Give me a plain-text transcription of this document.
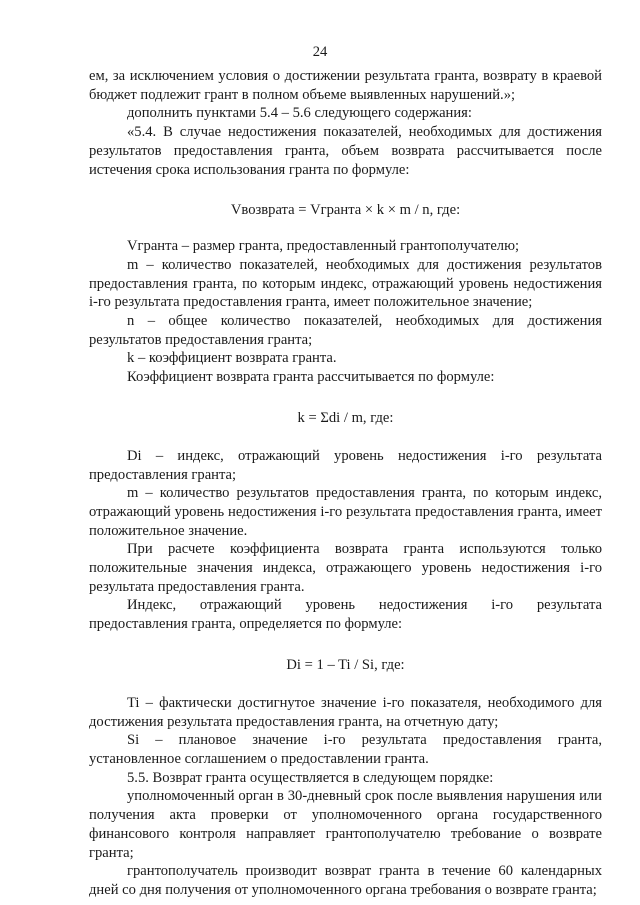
24

ем, за исключением условия о достижении результата гранта, возврату в краевой бюджет подлежит грант в полном объеме выявленных нарушений.»;

дополнить пунктами 5.4 – 5.6 следующего содержания:

«5.4. В случае недостижения показателей, необходимых для достижения результатов предоставления гранта, объем возврата рассчитывается после истечения срока использования гранта по формуле:

Vвозврата = Vгранта × k × m / n, где:

Vгранта – размер гранта, предоставленный грантополучателю;

m – количество показателей, необходимых для достижения результатов предоставления гранта, по которым индекс, отражающий уровень недостижения i-го результата предоставления гранта, имеет положительное значение;

n – общее количество показателей, необходимых для достижения результатов предоставления гранта;

k – коэффициент возврата гранта.

Коэффициент возврата гранта рассчитывается по формуле:

k = Σdi / m, где:

Di – индекс, отражающий уровень недостижения i-го результата предоставления гранта;

m – количество результатов предоставления гранта, по которым индекс, отражающий уровень недостижения i-го результата предоставления гранта, имеет положительное значение.

При расчете коэффициента возврата гранта используются только положительные значения индекса, отражающего уровень недостижения i-го результата предоставления гранта.

Индекс, отражающий уровень недостижения i-го результата предоставления гранта, определяется по формуле:

Di = 1 – Ti / Si, где:

Ti – фактически достигнутое значение i-го показателя, необходимого для достижения результата предоставления гранта, на отчетную дату;

Si – плановое значение i-го результата предоставления гранта, установленное соглашением о предоставлении гранта.

5.5. Возврат гранта осуществляется в следующем порядке:

уполномоченный орган в 30-дневный срок после выявления нарушения или получения акта проверки от уполномоченного органа государственного финансового контроля направляет грантополучателю требование о возврате гранта;

грантополучатель производит возврат гранта в течение 60 календарных дней со дня получения от уполномоченного органа требования о возврате гранта;
